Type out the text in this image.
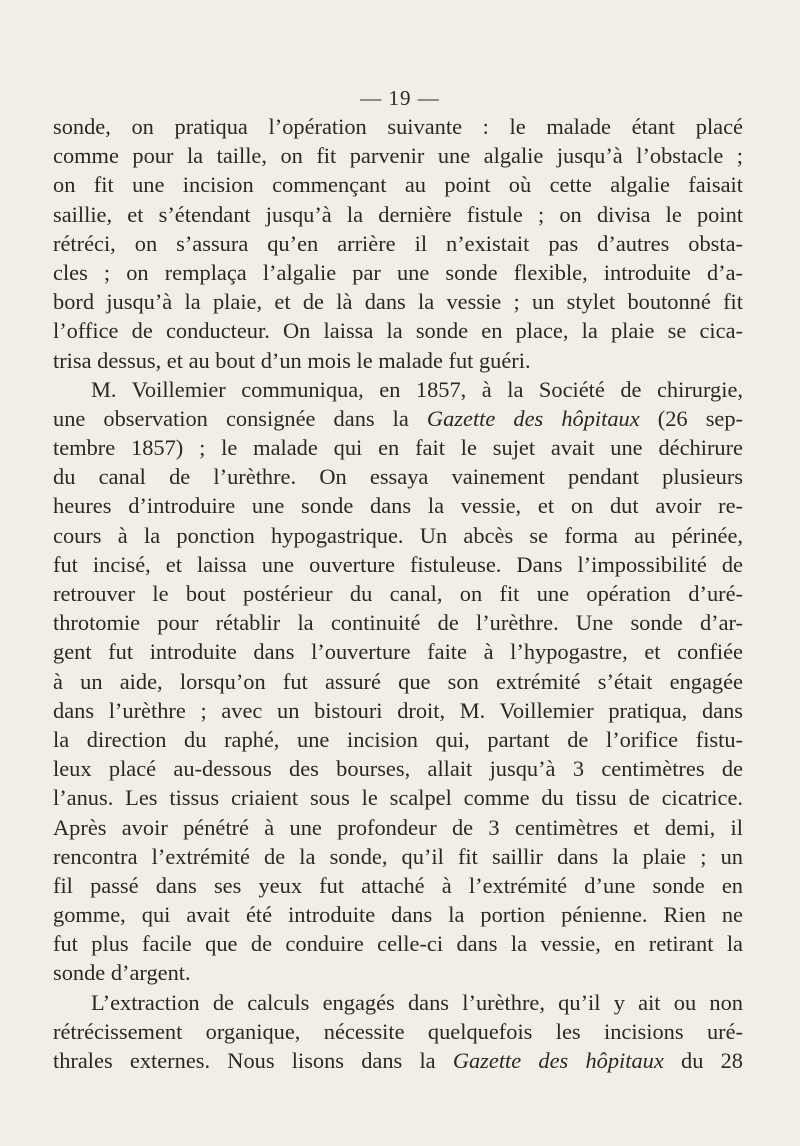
— 19 —
sonde, on pratiqua l’opération suivante : le malade étant placé
comme pour la taille, on fit parvenir une algalie jusqu’à l’obstacle ;
on fit une incision commençant au point où cette algalie faisait
saillie, et s’étendant jusqu’à la dernière fistule ; on divisa le point
rétréci, on s’assura qu’en arrière il n’existait pas d’autres obsta-
cles ; on remplaça l’algalie par une sonde flexible, introduite d’a-
bord jusqu’à la plaie, et de là dans la vessie ; un stylet boutonné fit
l’office de conducteur. On laissa la sonde en place, la plaie se cica-
trisa dessus, et au bout d’un mois le malade fut guéri.
M. Voillemier communiqua, en 1857, à la Société de chirurgie,
une observation consignée dans la Gazette des hôpitaux (26 sep-
tembre 1857) ; le malade qui en fait le sujet avait une déchirure
du canal de l’urèthre. On essaya vainement pendant plusieurs
heures d’introduire une sonde dans la vessie, et on dut avoir re-
cours à la ponction hypogastrique. Un abcès se forma au périnée,
fut incisé, et laissa une ouverture fistuleuse. Dans l’impossibilité de
retrouver le bout postérieur du canal, on fit une opération d’uré-
throtomie pour rétablir la continuité de l’urèthre. Une sonde d’ar-
gent fut introduite dans l’ouverture faite à l’hypogastre, et confiée
à un aide, lorsqu’on fut assuré que son extrémité s’était engagée
dans l’urèthre ; avec un bistouri droit, M. Voillemier pratiqua, dans
la direction du raphé, une incision qui, partant de l’orifice fistu-
leux placé au-dessous des bourses, allait jusqu’à 3 centimètres de
l’anus. Les tissus criaient sous le scalpel comme du tissu de cicatrice.
Après avoir pénétré à une profondeur de 3 centimètres et demi, il
rencontra l’extrémité de la sonde, qu’il fit saillir dans la plaie ; un
fil passé dans ses yeux fut attaché à l’extrémité d’une sonde en
gomme, qui avait été introduite dans la portion pénienne. Rien ne
fut plus facile que de conduire celle-ci dans la vessie, en retirant la
sonde d’argent.
L’extraction de calculs engagés dans l’urèthre, qu’il y ait ou non
rétrécissement organique, nécessite quelquefois les incisions uré-
thrales externes. Nous lisons dans la Gazette des hôpitaux du 28
